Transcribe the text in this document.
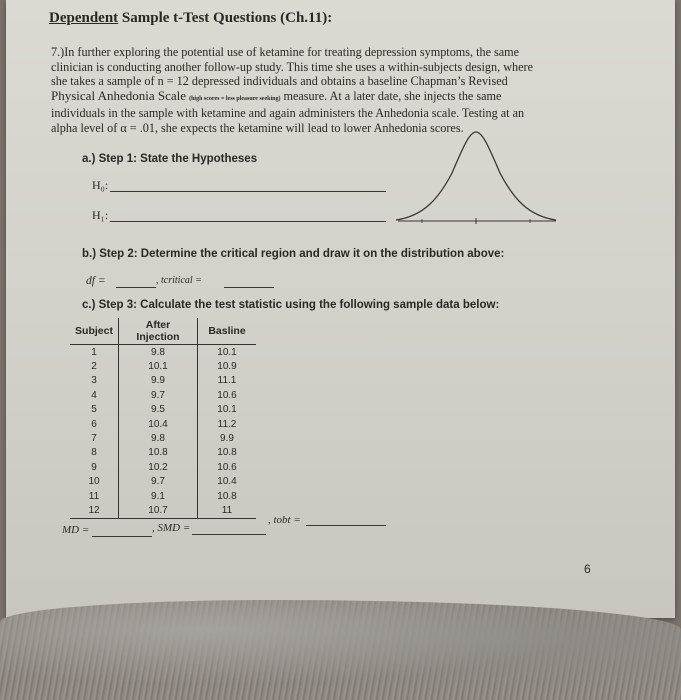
Dependent Sample t-Test Questions (Ch.11):
7.)In further exploring the potential use of ketamine for treating depression symptoms, the same clinician is conducting another follow-up study. This time she uses a within-subjects design, where she takes a sample of n = 12 depressed individuals and obtains a baseline Chapman’s Revised Physical Anhedonia Scale (high scores = less pleasure seeking) measure. At a later date, she injects the same individuals in the sample with ketamine and again administers the Anhedonia scale. Testing at an alpha level of α = .01, she expects the ketamine will lead to lower Anhedonia scores.
a.) Step 1: State the Hypotheses
H₀:
H₁:
b.) Step 2: Determine the critical region and draw it on the distribution above:
df =	, tcritical =
c.) Step 3: Calculate the test statistic using the following sample data below:
Subject	After Injection	Basline
1	9.8	10.1
2	10.1	10.9
3	9.9	11.1
4	9.7	10.6
5	9.5	10.1
6	10.4	11.2
7	9.8	9.9
8	10.8	10.8
9	10.2	10.6
10	9.7	10.4
11	9.1	10.8
12	10.7	11
MD =	, SMD =
, tobt =
6
